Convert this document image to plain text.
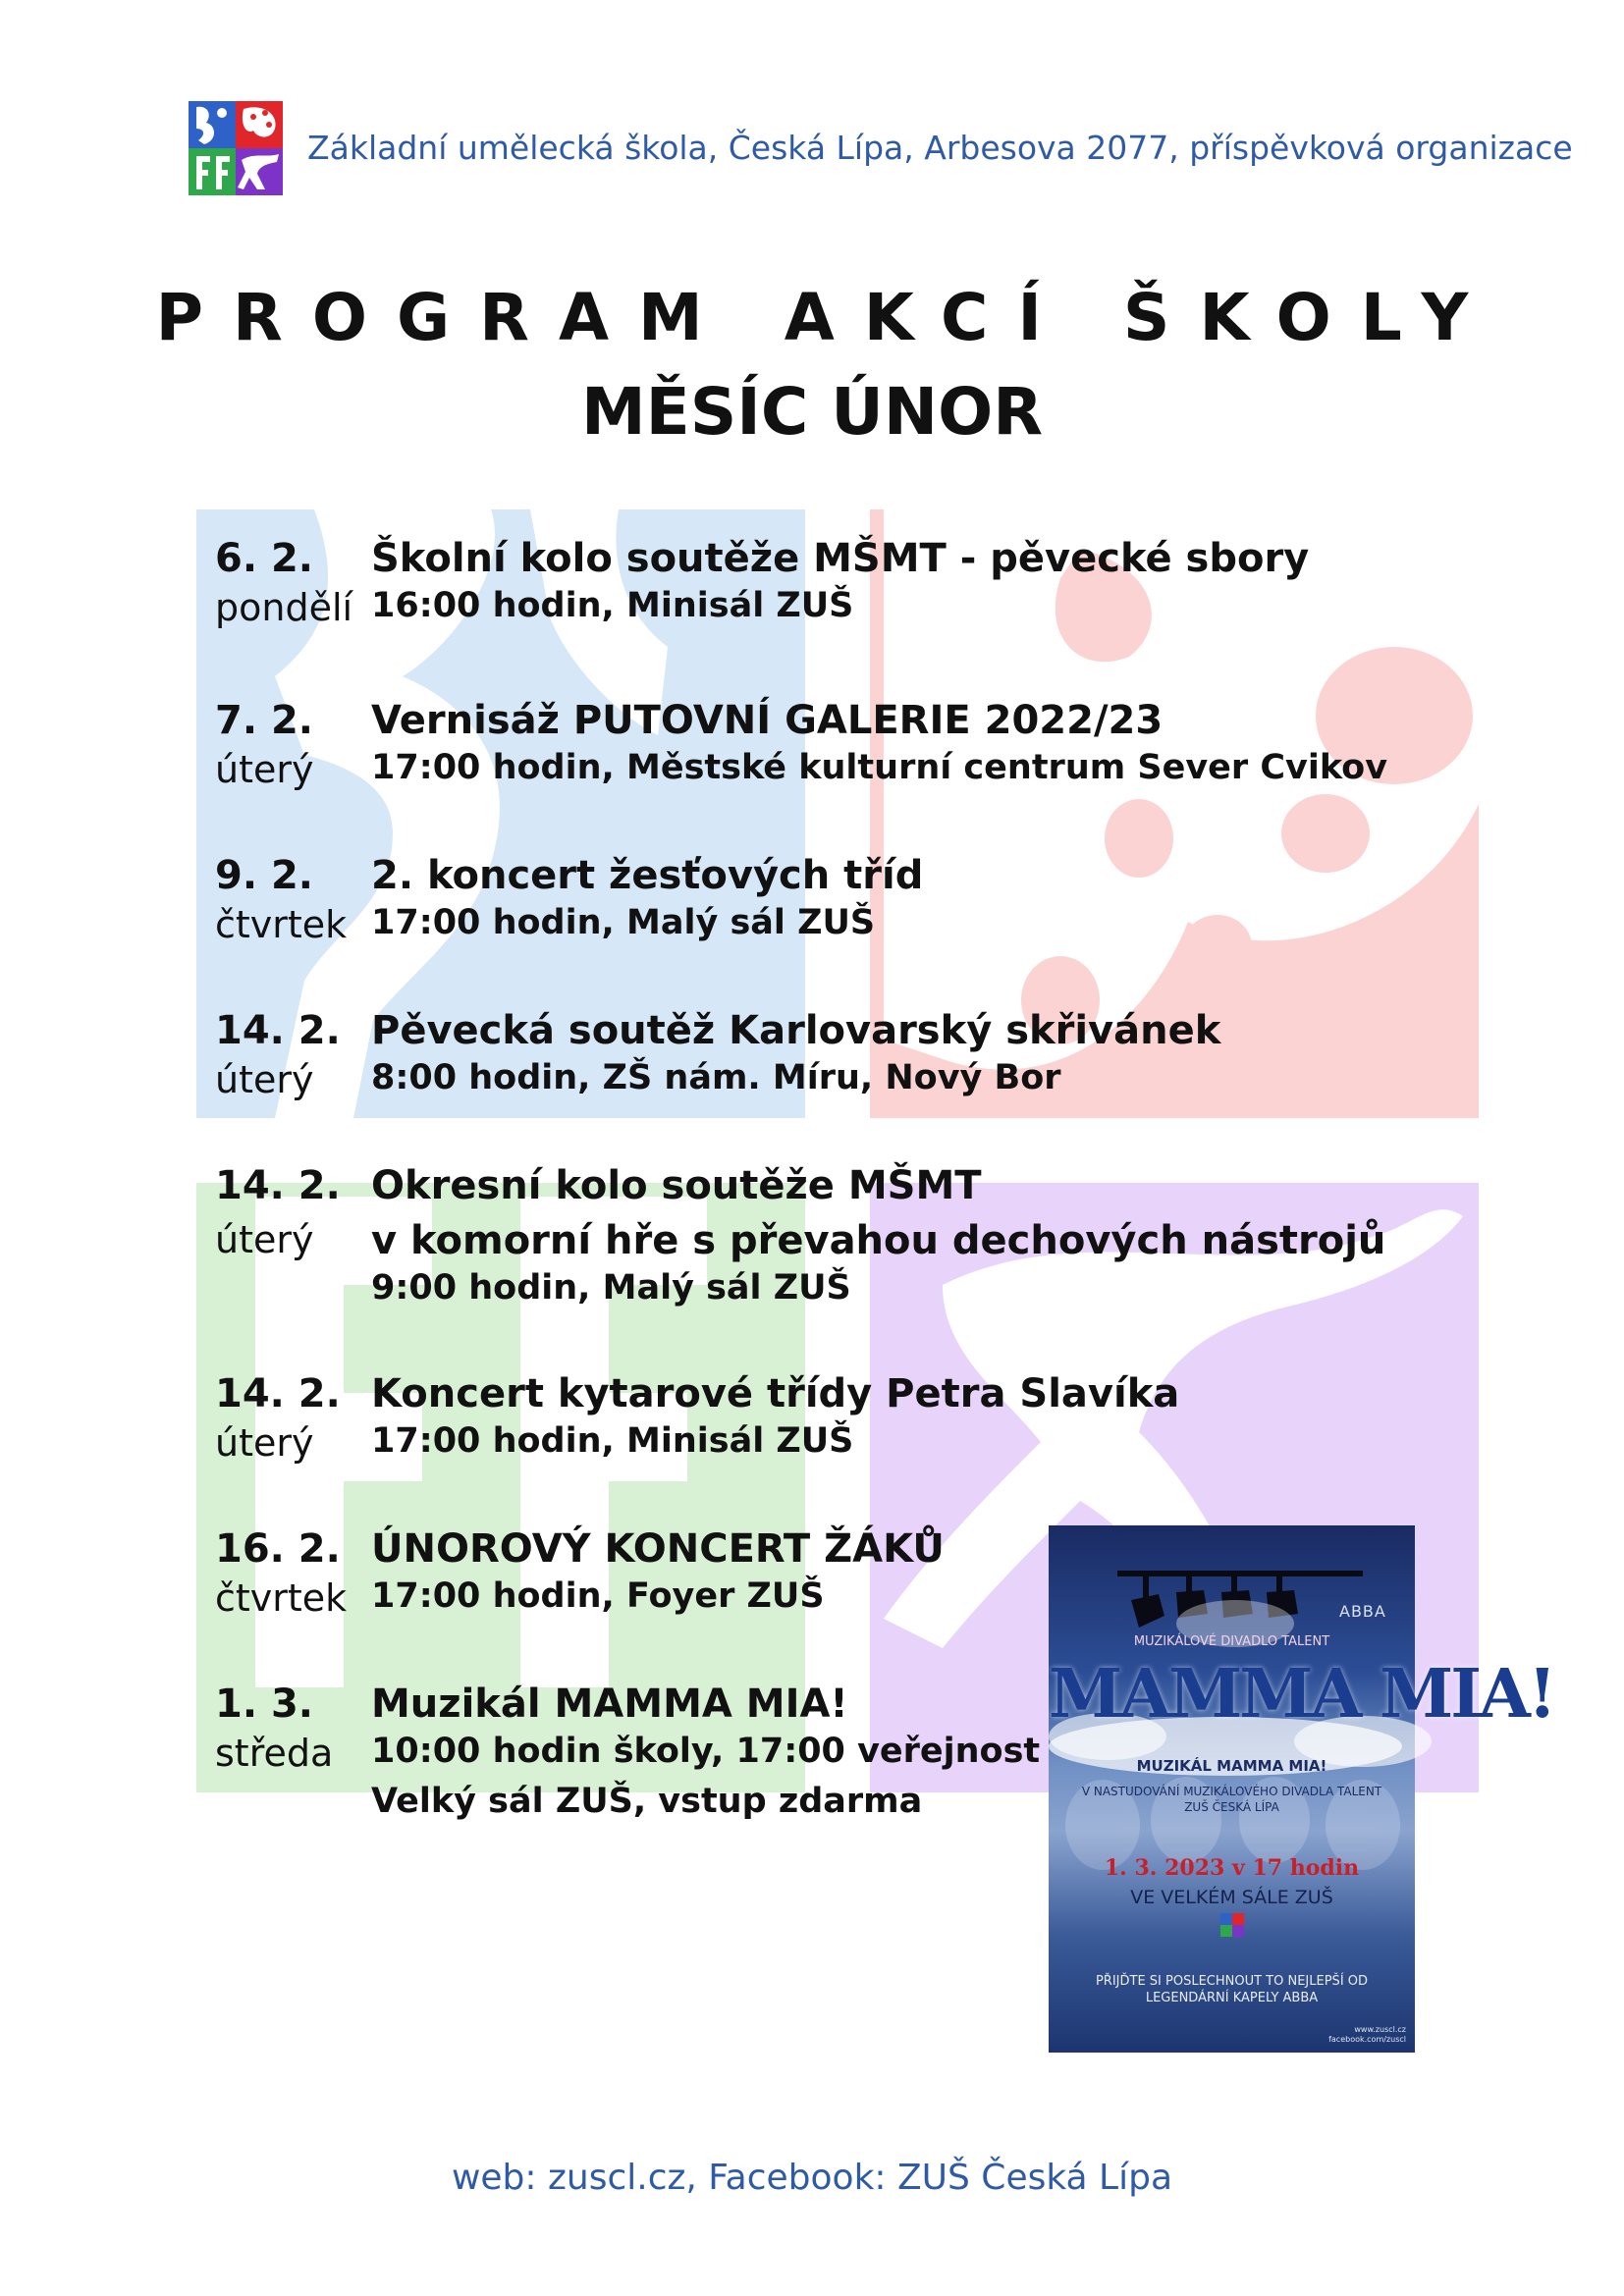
Základní umělecká škola, Česká Lípa, Arbesova 2077, příspěvková organizace
PROGRAM AKCÍ ŠKOLY
MĚSÍC ÚNOR
6. 2. Školní kolo soutěže MŠMT - pěvecké sbory
pondělí 16:00 hodin, Minisál ZUŠ
7. 2. Vernisáž PUTOVNÍ GALERIE 2022/23
úterý 17:00 hodin, Městské kulturní centrum Sever Cvikov
9. 2. 2. koncert žesťových tříd
čtvrtek 17:00 hodin, Malý sál ZUŠ
14. 2. Pěvecká soutěž Karlovarský skřivánek
úterý 8:00 hodin, ZŠ nám. Míru, Nový Bor
14. 2. Okresní kolo soutěže MŠMT
úterý v komorní hře s převahou dechových nástrojů
9:00 hodin, Malý sál ZUŠ
14. 2. Koncert kytarové třídy Petra Slavíka
úterý 17:00 hodin, Minisál ZUŠ
16. 2. ÚNOROVÝ KONCERT ŽÁKŮ
čtvrtek 17:00 hodin, Foyer ZUŠ
1. 3. Muzikál MAMMA MIA!
středa 10:00 hodin školy, 17:00 veřejnost
Velký sál ZUŠ, vstup zdarma
ABBA
MUZIKÁLOVÉ DIVADLO TALENT
MAMMA MIA!
MUZIKÁL MAMMA MIA!
V NASTUDOVÁNÍ MUZIKÁLOVÉHO DIVADLA TALENT ZUŠ ČESKÁ LÍPA
1. 3. 2023 v 17 hodin
VE VELKÉM SÁLE ZUŠ
PŘIJĎTE SI POSLECHNOUT TO NEJLEPŠÍ OD LEGENDÁRNÍ KAPELY ABBA
www.zuscl.cz
facebook.com/zuscl
web: zuscl.cz, Facebook: ZUŠ Česká Lípa
